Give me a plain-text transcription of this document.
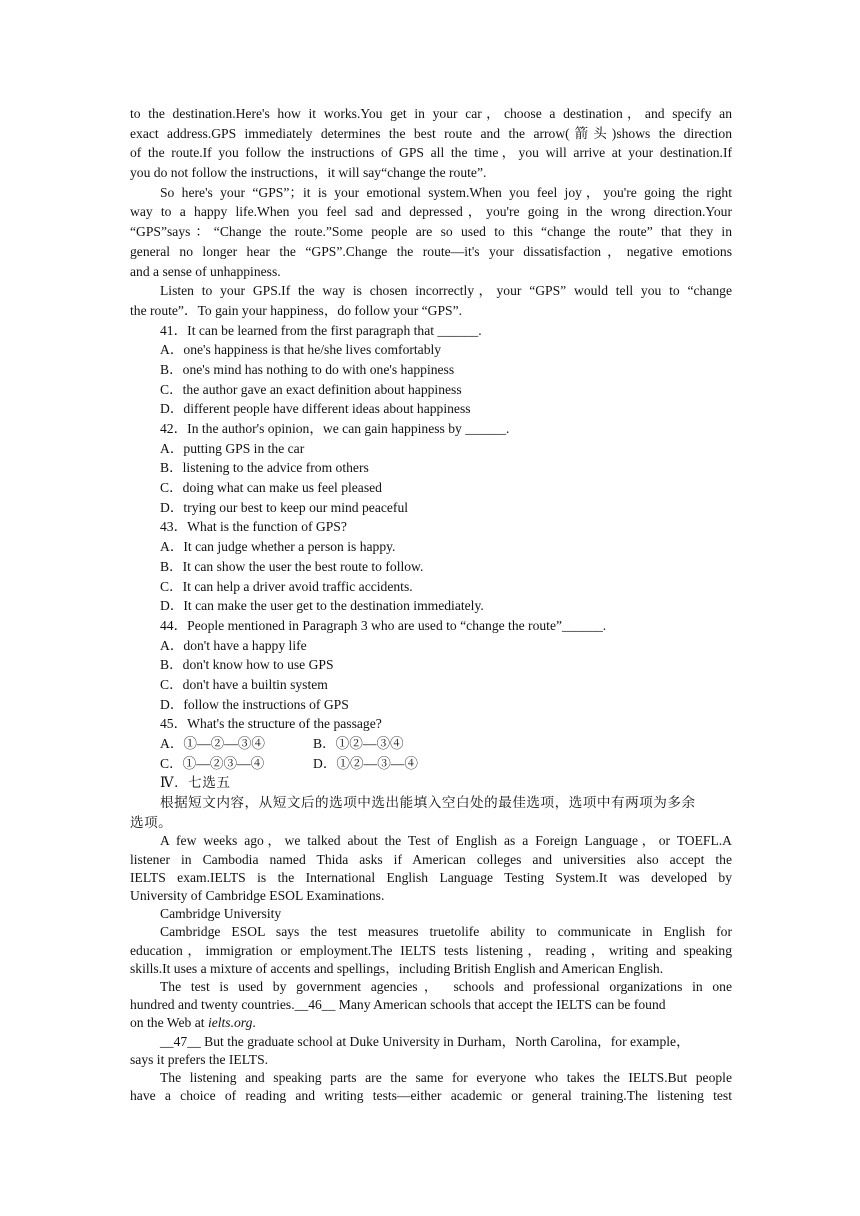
to the destination.Here's how it works.You get in your car，choose a destination，and specify an
exact address.GPS immediately determines the best route and the arrow(箭头)shows the direction
of the route.If you follow the instructions of GPS all the time，you will arrive at your destination.If
you do not follow the instructions，it will say“change the route”.
So here's your “GPS”；it is your emotional system.When you feel joy，you're going the right
way to a happy life.When you feel sad and depressed，you're going in the wrong direction.Your
“GPS”says：“Change the route.”Some people are so used to this “change the route” that they in
general no longer hear the “GPS”.Change the route—it's your dissatisfaction，negative emotions
and a sense of unhappiness.
Listen to your GPS.If the way is chosen incorrectly，your “GPS” would tell you to “change
the route”．To gain your happiness，do follow your “GPS”.
41．It can be learned from the first paragraph that ______.
A．one's happiness is that he/she lives comfortably
B．one's mind has nothing to do with one's happiness
C．the author gave an exact definition about happiness
D．different people have different ideas about happiness
42．In the author's opinion，we can gain happiness by ______.
A．putting GPS in the car
B．listening to the advice from others
C．doing what can make us feel pleased
D．trying our best to keep our mind peaceful
43．What is the function of GPS?
A．It can judge whether a person is happy.
B．It can show the user the best route to follow.
C．It can help a driver avoid traffic accidents.
D．It can make the user get to the destination immediately.
44．People mentioned in Paragraph 3 who are used to “change the route”______.
A．don't have a happy life
B．don't know how to use GPS
C．don't have a builtin system
D．follow the instructions of GPS
45．What's the structure of the passage?
A．①—②—③④	B．①②—③④
C．①—②③—④	D．①②—③—④
Ⅳ．七选五
根据短文内容，从短文后的选项中选出能填入空白处的最佳选项，选项中有两项为多余
选项。
A few weeks ago，we talked about the Test of English as a Foreign Language，or TOEFL.A
listener in Cambodia named Thida asks if American colleges and universities also accept the
IELTS exam.IELTS is the International English Language Testing System.It was developed by
University of Cambridge ESOL Examinations.
Cambridge University
Cambridge ESOL says the test measures truetolife ability to communicate in English for
education，immigration or employment.The IELTS tests listening，reading，writing and speaking
skills.It uses a mixture of accents and spellings，including British English and American English.
The test is used by government agencies， schools and professional organizations in one
hundred and twenty countries.__46__ Many American schools that accept the IELTS can be found
on the Web at ielts.org.
__47__ But the graduate school at Duke University in Durham，North Carolina，for example，
says it prefers the IELTS.
The listening and speaking parts are the same for everyone who takes the IELTS.But people
have a choice of reading and writing tests—either academic or general training.The listening test
